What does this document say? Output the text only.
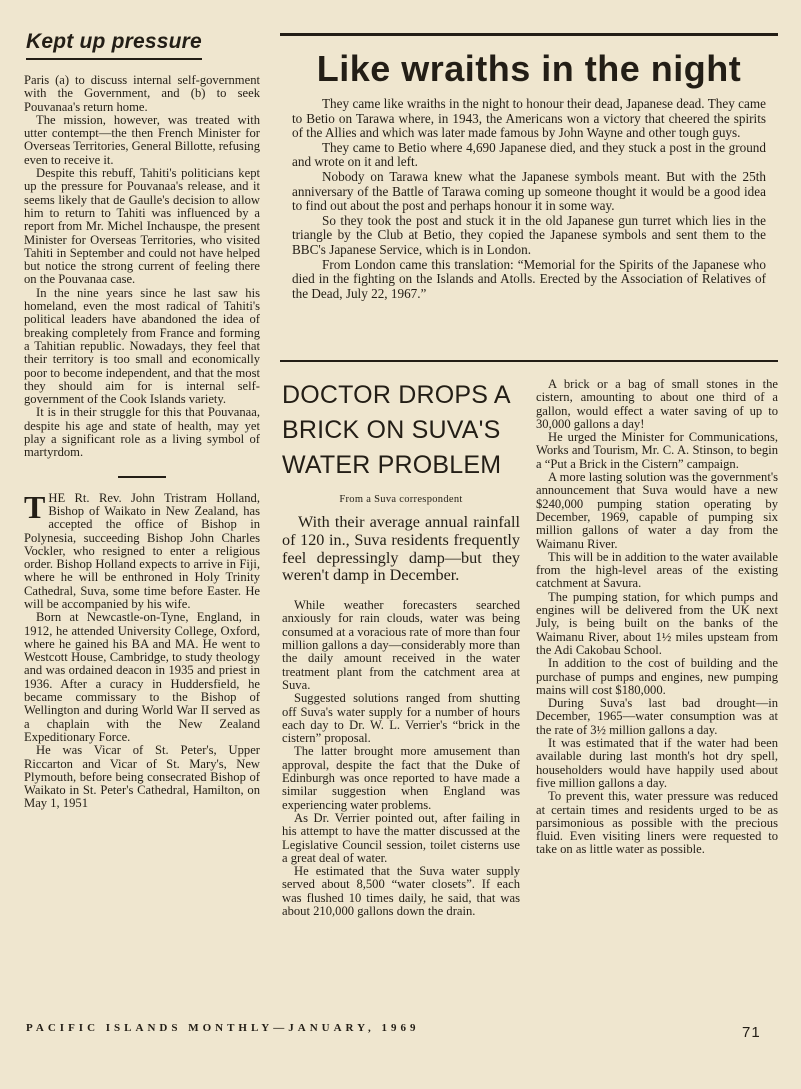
Kept up pressure

Paris (a) to discuss internal self-government with the Government, and (b) to seek Pouvanaa's return home.

The mission, however, was treated with utter contempt—the then French Minister for Overseas Territories, General Billotte, refusing even to receive it.

Despite this rebuff, Tahiti's politicians kept up the pressure for Pouvanaa's release, and it seems likely that de Gaulle's decision to allow him to return to Tahiti was influenced by a report from Mr. Michel Inchauspe, the present Minister for Overseas Territories, who visited Tahiti in September and could not have helped but notice the strong current of feeling there on the Pouvanaa case.

In the nine years since he last saw his homeland, even the most radical of Tahiti's political leaders have abandoned the idea of breaking completely from France and forming a Tahitian republic. Nowadays, they feel that their territory is too small and economically poor to become independent, and that the most they should aim for is internal self-government of the Cook Islands variety.

It is in their struggle for this that Pouvanaa, despite his age and state of health, may yet play a significant role as a living symbol of martyrdom.

THE Rt. Rev. John Tristram Holland, Bishop of Waikato in New Zealand, has accepted the office of Bishop in Polynesia, succeeding Bishop John Charles Vockler, who resigned to enter a religious order. Bishop Holland expects to arrive in Fiji, where he will be enthroned in Holy Trinity Cathedral, Suva, some time before Easter. He will be accompanied by his wife.

Born at Newcastle-on-Tyne, England, in 1912, he attended University College, Oxford, where he gained his BA and MA. He went to Westcott House, Cambridge, to study theology and was ordained deacon in 1935 and priest in 1936. After a curacy in Huddersfield, he became commissary to the Bishop of Wellington and during World War II served as a chaplain with the New Zealand Expeditionary Force.

He was Vicar of St. Peter's, Upper Riccarton and Vicar of St. Mary's, New Plymouth, before being consecrated Bishop of Waikato in St. Peter's Cathedral, Hamilton, on May 1, 1951

Like wraiths in the night

They came like wraiths in the night to honour their dead, Japanese dead. They came to Betio on Tarawa where, in 1943, the Americans won a victory that cheered the spirits of the Allies and which was later made famous by John Wayne and other tough guys.

They came to Betio where 4,690 Japanese died, and they stuck a post in the ground and wrote on it and left.

Nobody on Tarawa knew what the Japanese symbols meant. But with the 25th anniversary of the Battle of Tarawa coming up someone thought it would be a good idea to find out about the post and perhaps honour it in some way.

So they took the post and stuck it in the old Japanese gun turret which lies in the triangle by the Club at Betio, they copied the Japanese symbols and sent them to the BBC's Japanese Service, which is in London.

From London came this translation: “Memorial for the Spirits of the Japanese who died in the fighting on the Islands and Atolls. Erected by the Association of Relatives of the Dead, July 22, 1967.”

DOCTOR DROPS A
BRICK ON SUVA'S
WATER PROBLEM
From a Suva correspondent

With their average annual rainfall of 120 in., Suva residents frequently feel depressingly damp—but they weren't damp in December.

While weather forecasters searched anxiously for rain clouds, water was being consumed at a voracious rate of more than four million gallons a day—considerably more than the daily amount received in the water treatment plant from the catchment area at Suva.

Suggested solutions ranged from shutting off Suva's water supply for a number of hours each day to Dr. W. L. Verrier's “brick in the cistern” proposal.

The latter brought more amusement than approval, despite the fact that the Duke of Edinburgh was once reported to have made a similar suggestion when England was experiencing water problems.

As Dr. Verrier pointed out, after failing in his attempt to have the matter discussed at the Legislative Council session, toilet cisterns use a great deal of water.

He estimated that the Suva water supply served about 8,500 “water closets”. If each was flushed 10 times daily, he said, that was about 210,000 gallons down the drain.

A brick or a bag of small stones in the cistern, amounting to about one third of a gallon, would effect a water saving of up to 30,000 gallons a day!

He urged the Minister for Communications, Works and Tourism, Mr. C. A. Stinson, to begin a “Put a Brick in the Cistern” campaign.

A more lasting solution was the government's announcement that Suva would have a new $240,000 pumping station operating by December, 1969, capable of pumping six million gallons of water a day from the Waimanu River.

This will be in addition to the water available from the high-level areas of the existing catchment at Savura.

The pumping station, for which pumps and engines will be delivered from the UK next July, is being built on the banks of the Waimanu River, about 1½ miles upsteam from the Adi Cakobau School.

In addition to the cost of building and the purchase of pumps and engines, new pumping mains will cost $180,000.

During Suva's last bad drought—in December, 1965—water consumption was at the rate of 3½ million gallons a day.

It was estimated that if the water had been available during last month's hot dry spell, householders would have happily used about five million gallons a day.

To prevent this, water pressure was reduced at certain times and residents urged to be as parsimonious as possible with the precious fluid. Even visiting liners were requested to take on as little water as possible.

PACIFIC ISLANDS MONTHLY—JANUARY, 1969	71
